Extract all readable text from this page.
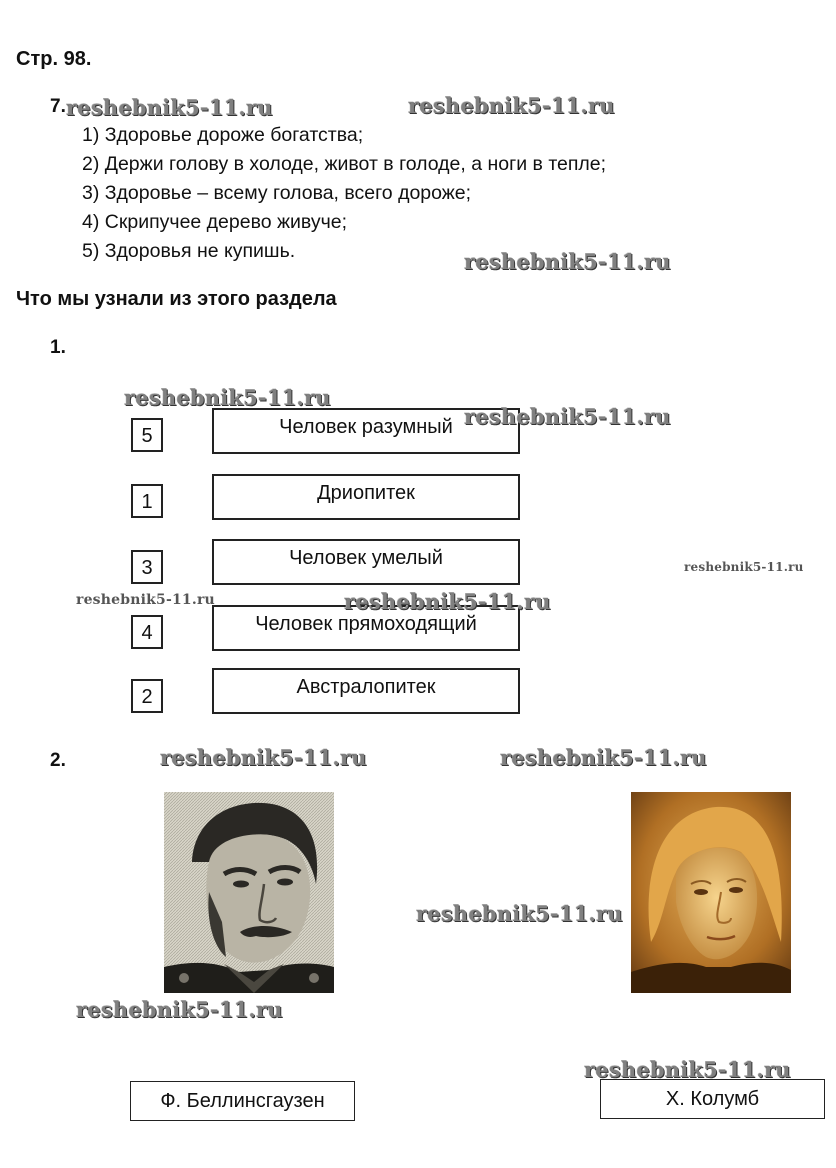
Стр. 98.
7.
1) Здоровье дороже богатства;
2) Держи голову в холоде, живот в голоде, а ноги в тепле;
3) Здоровье – всему голова, всего дороже;
4) Скрипучее дерево живуче;
5) Здоровья не купишь.
Что мы узнали из этого раздела
1.
5	Человек разумный
1	Дриопитек
3	Человек умелый
4	Человек прямоходящий
2	Австралопитек
2.
Ф. Беллинсгаузен	Х. Колумб
reshebnik5-11.ru	reshebnik5-11.ru
reshebnik5-11.ru
reshebnik5-11.ru
reshebnik5-11.ru
reshebnik5-11.ru
reshebnik5-11.ru	reshebnik5-11.ru
reshebnik5-11.ru	reshebnik5-11.ru
reshebnik5-11.ru
reshebnik5-11.ru
reshebnik5-11.ru
